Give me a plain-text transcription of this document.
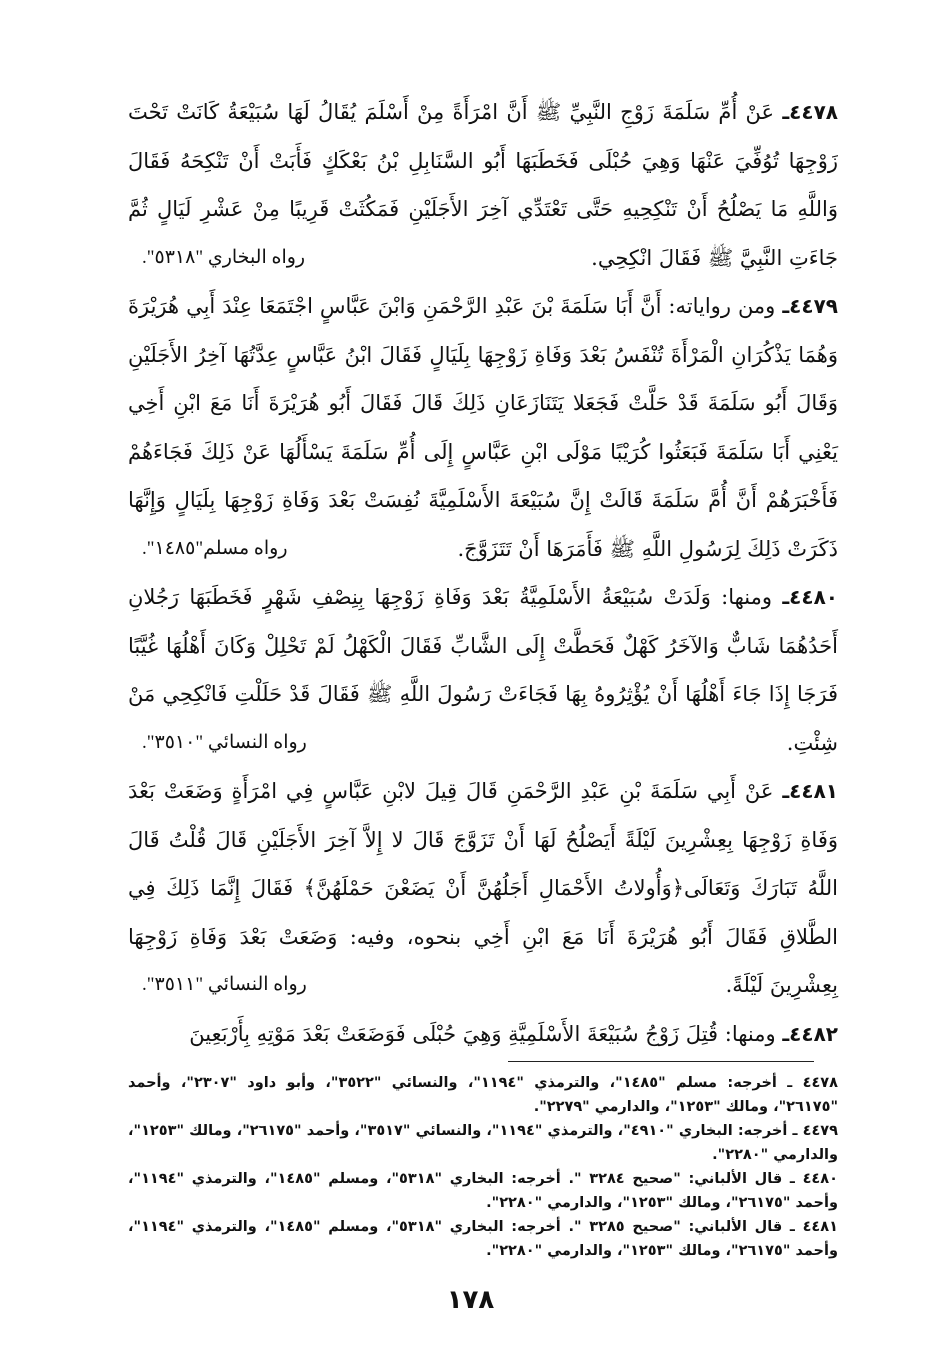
٤٤٧٨ـ عَنْ أُمِّ سَلَمَةَ زَوْجِ النَّبِيِّ ﷺ أَنَّ امْرَأَةً مِنْ أَسْلَمَ يُقَالُ لَهَا سُبَيْعَةُ كَانَتْ تَحْتَ زَوْجِهَا تُوُفِّيَ عَنْهَا وَهِيَ حُبْلَى فَخَطَبَهَا أَبُو السَّنَابِلِ بْنُ بَعْكَكٍ فَأَبَتْ أَنْ تَنْكِحَهُ فَقَالَ وَاللَّهِ مَا يَصْلُحُ أَنْ تَنْكِحِيهِ حَتَّى تَعْتَدِّي آخِرَ الأَجَلَيْنِ فَمَكُثَتْ قَرِيبًا مِنْ عَشْرِ لَيَالٍ ثُمَّ جَاءَتِ النَّبِيَّ ﷺ فَقَالَ انْكِحِي.
رواه البخاري "٥٣١٨".

٤٤٧٩ـ ومن رواياته: أَنَّ أَبَا سَلَمَةَ بْنَ عَبْدِ الرَّحْمَنِ وَابْنَ عَبَّاسٍ اجْتَمَعَا عِنْدَ أَبِي هُرَيْرَةَ وَهُمَا يَذْكُرَانِ الْمَرْأَةَ تُنْفَسُ بَعْدَ وَفَاةِ زَوْجِهَا بِلَيَالٍ فَقَالَ ابْنُ عَبَّاسٍ عِدَّتُهَا آخِرُ الأَجَلَيْنِ وَقَالَ أَبُو سَلَمَةَ قَدْ حَلَّتْ فَجَعَلا يَتَنَازَعَانِ ذَلِكَ قَالَ فَقَالَ أَبُو هُرَيْرَةَ أَنَا مَعَ ابْنِ أَخِي يَعْنِي أَبَا سَلَمَةَ فَبَعَثُوا كُرَيْبًا مَوْلَى ابْنِ عَبَّاسٍ إِلَى أُمِّ سَلَمَةَ يَسْأَلُهَا عَنْ ذَلِكَ فَجَاءَهُمْ فَأَخْبَرَهُمْ أَنَّ أُمَّ سَلَمَةَ قَالَتْ إِنَّ سُبَيْعَةَ الأَسْلَمِيَّةَ نُفِسَتْ بَعْدَ وَفَاةِ زَوْجِهَا بِلَيَالٍ وَإِنَّهَا ذَكَرَتْ ذَلِكَ لِرَسُولِ اللَّهِ ﷺ فَأَمَرَهَا أَنْ تَتَزَوَّجَ.
رواه مسلم"١٤٨٥".

٤٤٨٠ـ ومنها: وَلَدَتْ سُبَيْعَةُ الأَسْلَمِيَّةُ بَعْدَ وَفَاةِ زَوْجِهَا بِنِصْفِ شَهْرٍ فَخَطَبَهَا رَجُلانِ أَحَدُهُمَا شَابٌّ وَالآخَرُ كَهْلٌ فَحَطَّتْ إِلَى الشَّابِّ فَقَالَ الْكَهْلُ لَمْ تَحْلِلْ وَكَانَ أَهْلُهَا غُيَّبًا فَرَجَا إِذَا جَاءَ أَهْلُهَا أَنْ يُؤْثِرُوهُ بِهَا فَجَاءَتْ رَسُولَ اللَّهِ ﷺ فَقَالَ قَدْ حَلَلْتِ فَانْكِحِي مَنْ شِئْتِ.
رواه النسائي "٣٥١٠".

٤٤٨١ـ عَنْ أَبِي سَلَمَةَ بْنِ عَبْدِ الرَّحْمَنِ قَالَ قِيلَ لابْنِ عَبَّاسٍ فِي امْرَأَةٍ وَضَعَتْ بَعْدَ وَفَاةِ زَوْجِهَا بِعِشْرِينَ لَيْلَةً أَيَصْلُحُ لَهَا أَنْ تَزَوَّجَ قَالَ لا إِلاَّ آخِرَ الأَجَلَيْنِ قَالَ قُلْتُ قَالَ اللَّهُ تَبَارَكَ وَتَعَالَى﴿وَأُولاتُ الأَحْمَالِ أَجَلُهُنَّ أَنْ يَضَعْنَ حَمْلَهُنَّ﴾ فَقَالَ إِنَّمَا ذَلِكَ فِي الطَّلاقِ فَقَالَ أَبُو هُرَيْرَةَ أَنَا مَعَ ابْنِ أَخِي بنحوه، وفيه: وَضَعَتْ بَعْدَ وَفَاةِ زَوْجِهَا بِعِشْرِينَ لَيْلَةً.
رواه النسائي "٣٥١١".

٤٤٨٢ـ ومنها: قُتِلَ زَوْجُ سُبَيْعَةَ الأَسْلَمِيَّةِ وَهِيَ حُبْلَى فَوَضَعَتْ بَعْدَ مَوْتِهِ بِأَرْبَعِينَ

٤٤٧٨ ـ أخرجه: مسلم "١٤٨٥"، والترمذي "١١٩٤"، والنسائي "٣٥٢٢"، وأبو داود "٢٣٠٧"، وأحمد "٢٦١٧٥"، ومالك "١٢٥٣"، والدارمي "٢٢٧٩".

٤٤٧٩ ـ أخرجه: البخاري "٤٩١٠"، والترمذي "١١٩٤"، والنسائي "٣٥١٧"، وأحمد "٢٦١٧٥"، ومالك "١٢٥٣"، والدارمي "٢٢٨٠".

٤٤٨٠ ـ قال الألباني: "صحيح ٣٢٨٤ ". أخرجه: البخاري "٥٣١٨"، ومسلم "١٤٨٥"، والترمذي "١١٩٤"، وأحمد "٢٦١٧٥"، ومالك "١٢٥٣"، والدارمي "٢٢٨٠".

٤٤٨١ ـ قال الألباني: "صحيح ٣٢٨٥ ". أخرجه: البخاري "٥٣١٨"، ومسلم "١٤٨٥"، والترمذي "١١٩٤"، وأحمد "٢٦١٧٥"، ومالك "١٢٥٣"، والدارمي "٢٢٨٠".

١٧٨
